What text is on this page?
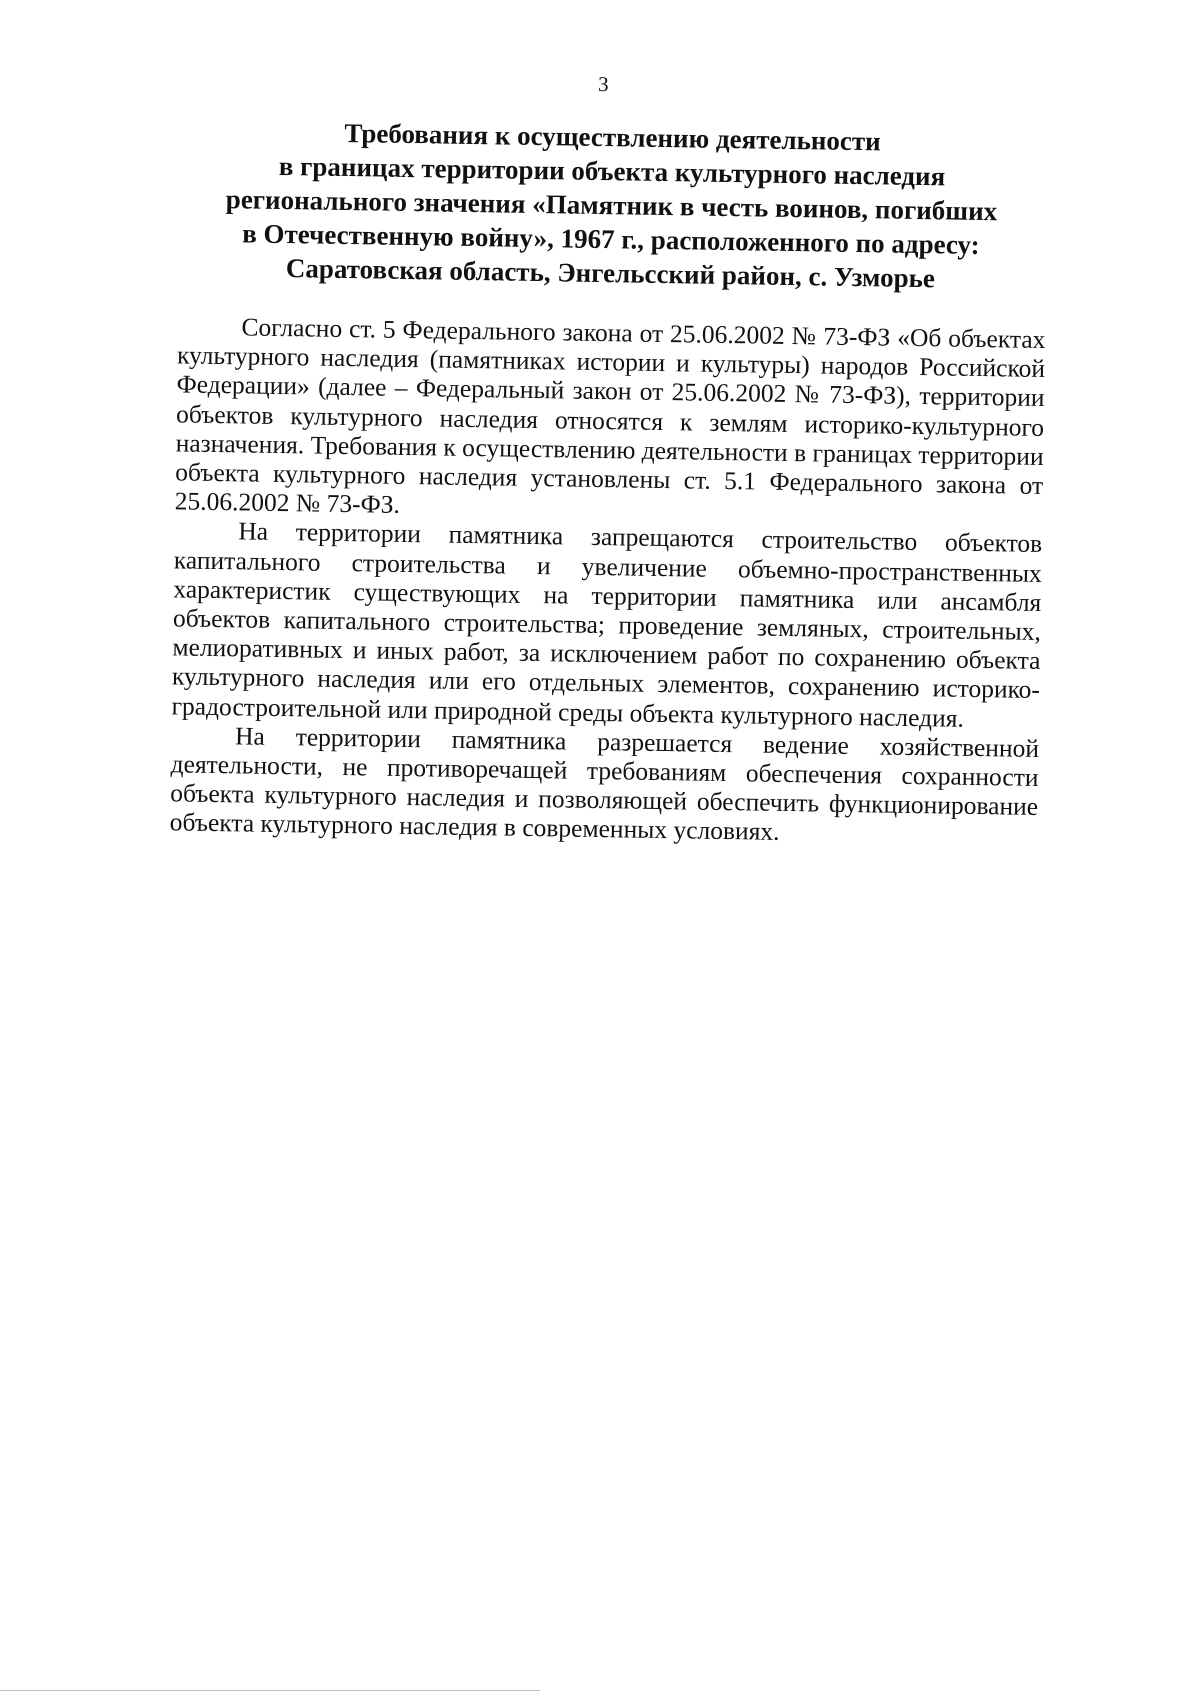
3
Требования к осуществлению деятельности
в границах территории объекта культурного наследия
регионального значения «Памятник в честь воинов, погибших
в Отечественную войну», 1967 г., расположенного по адресу:
Саратовская область, Энгельсский район, с. Узморье

Согласно ст. 5 Федерального закона от 25.06.2002 № 73-ФЗ «Об объектах культурного наследия (памятниках истории и культуры) народов Российской Федерации» (далее – Федеральный закон от 25.06.2002 № 73-ФЗ), территории объектов культурного наследия относятся к землям историко-культурного назначения. Требования к осуществлению деятельности в границах территории объекта культурного наследия установлены ст. 5.1 Федерального закона от 25.06.2002 № 73-ФЗ.

На территории памятника запрещаются строительство объектов капитального строительства и увеличение объемно-пространственных характеристик существующих на территории памятника или ансамбля объектов капитального строительства; проведение земляных, строительных, мелиоративных и иных работ, за исключением работ по сохранению объекта культурного наследия или его отдельных элементов, сохранению историко-градостроительной или природной среды объекта культурного наследия.

На территории памятника разрешается ведение хозяйственной деятельности, не противоречащей требованиям обеспечения сохранности объекта культурного наследия и позволяющей обеспечить функционирование объекта культурного наследия в современных условиях.
